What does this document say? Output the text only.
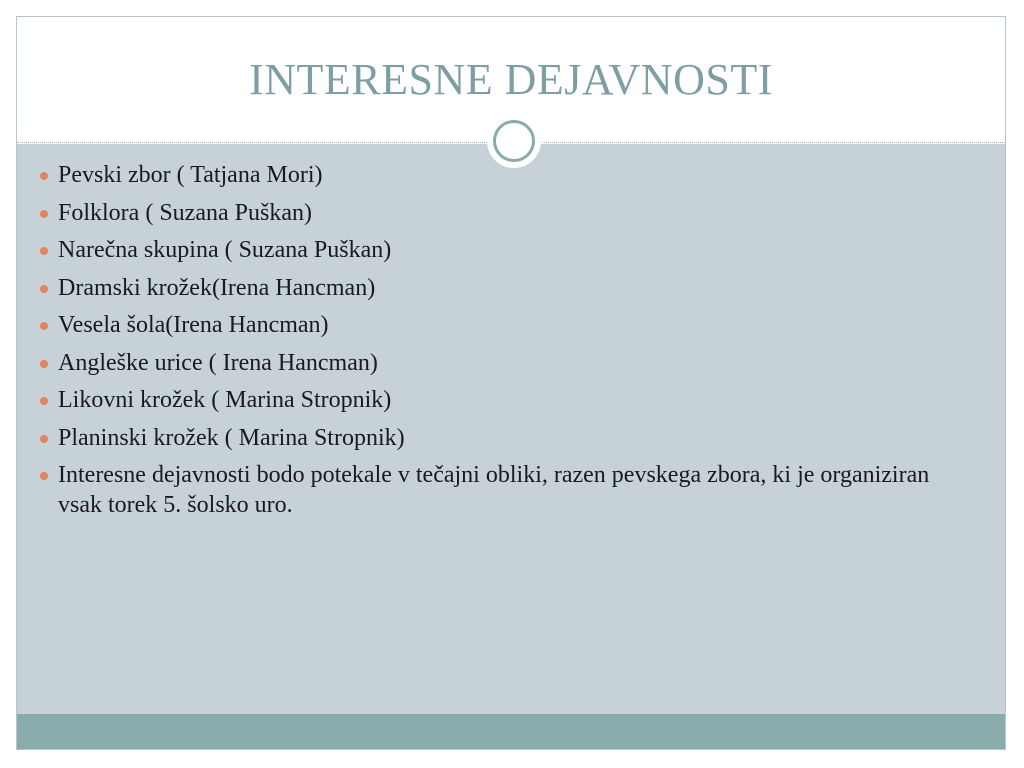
INTERESNE DEJAVNOSTI
Pevski zbor ( Tatjana Mori)
Folklora ( Suzana Puškan)
Narečna skupina ( Suzana Puškan)
Dramski krožek(Irena Hancman)
Vesela šola(Irena Hancman)
Angleške urice ( Irena Hancman)
Likovni krožek ( Marina Stropnik)
Planinski krožek ( Marina Stropnik)
Interesne dejavnosti bodo potekale v tečajni obliki, razen pevskega zbora, ki je organiziran vsak torek 5. šolsko uro.
